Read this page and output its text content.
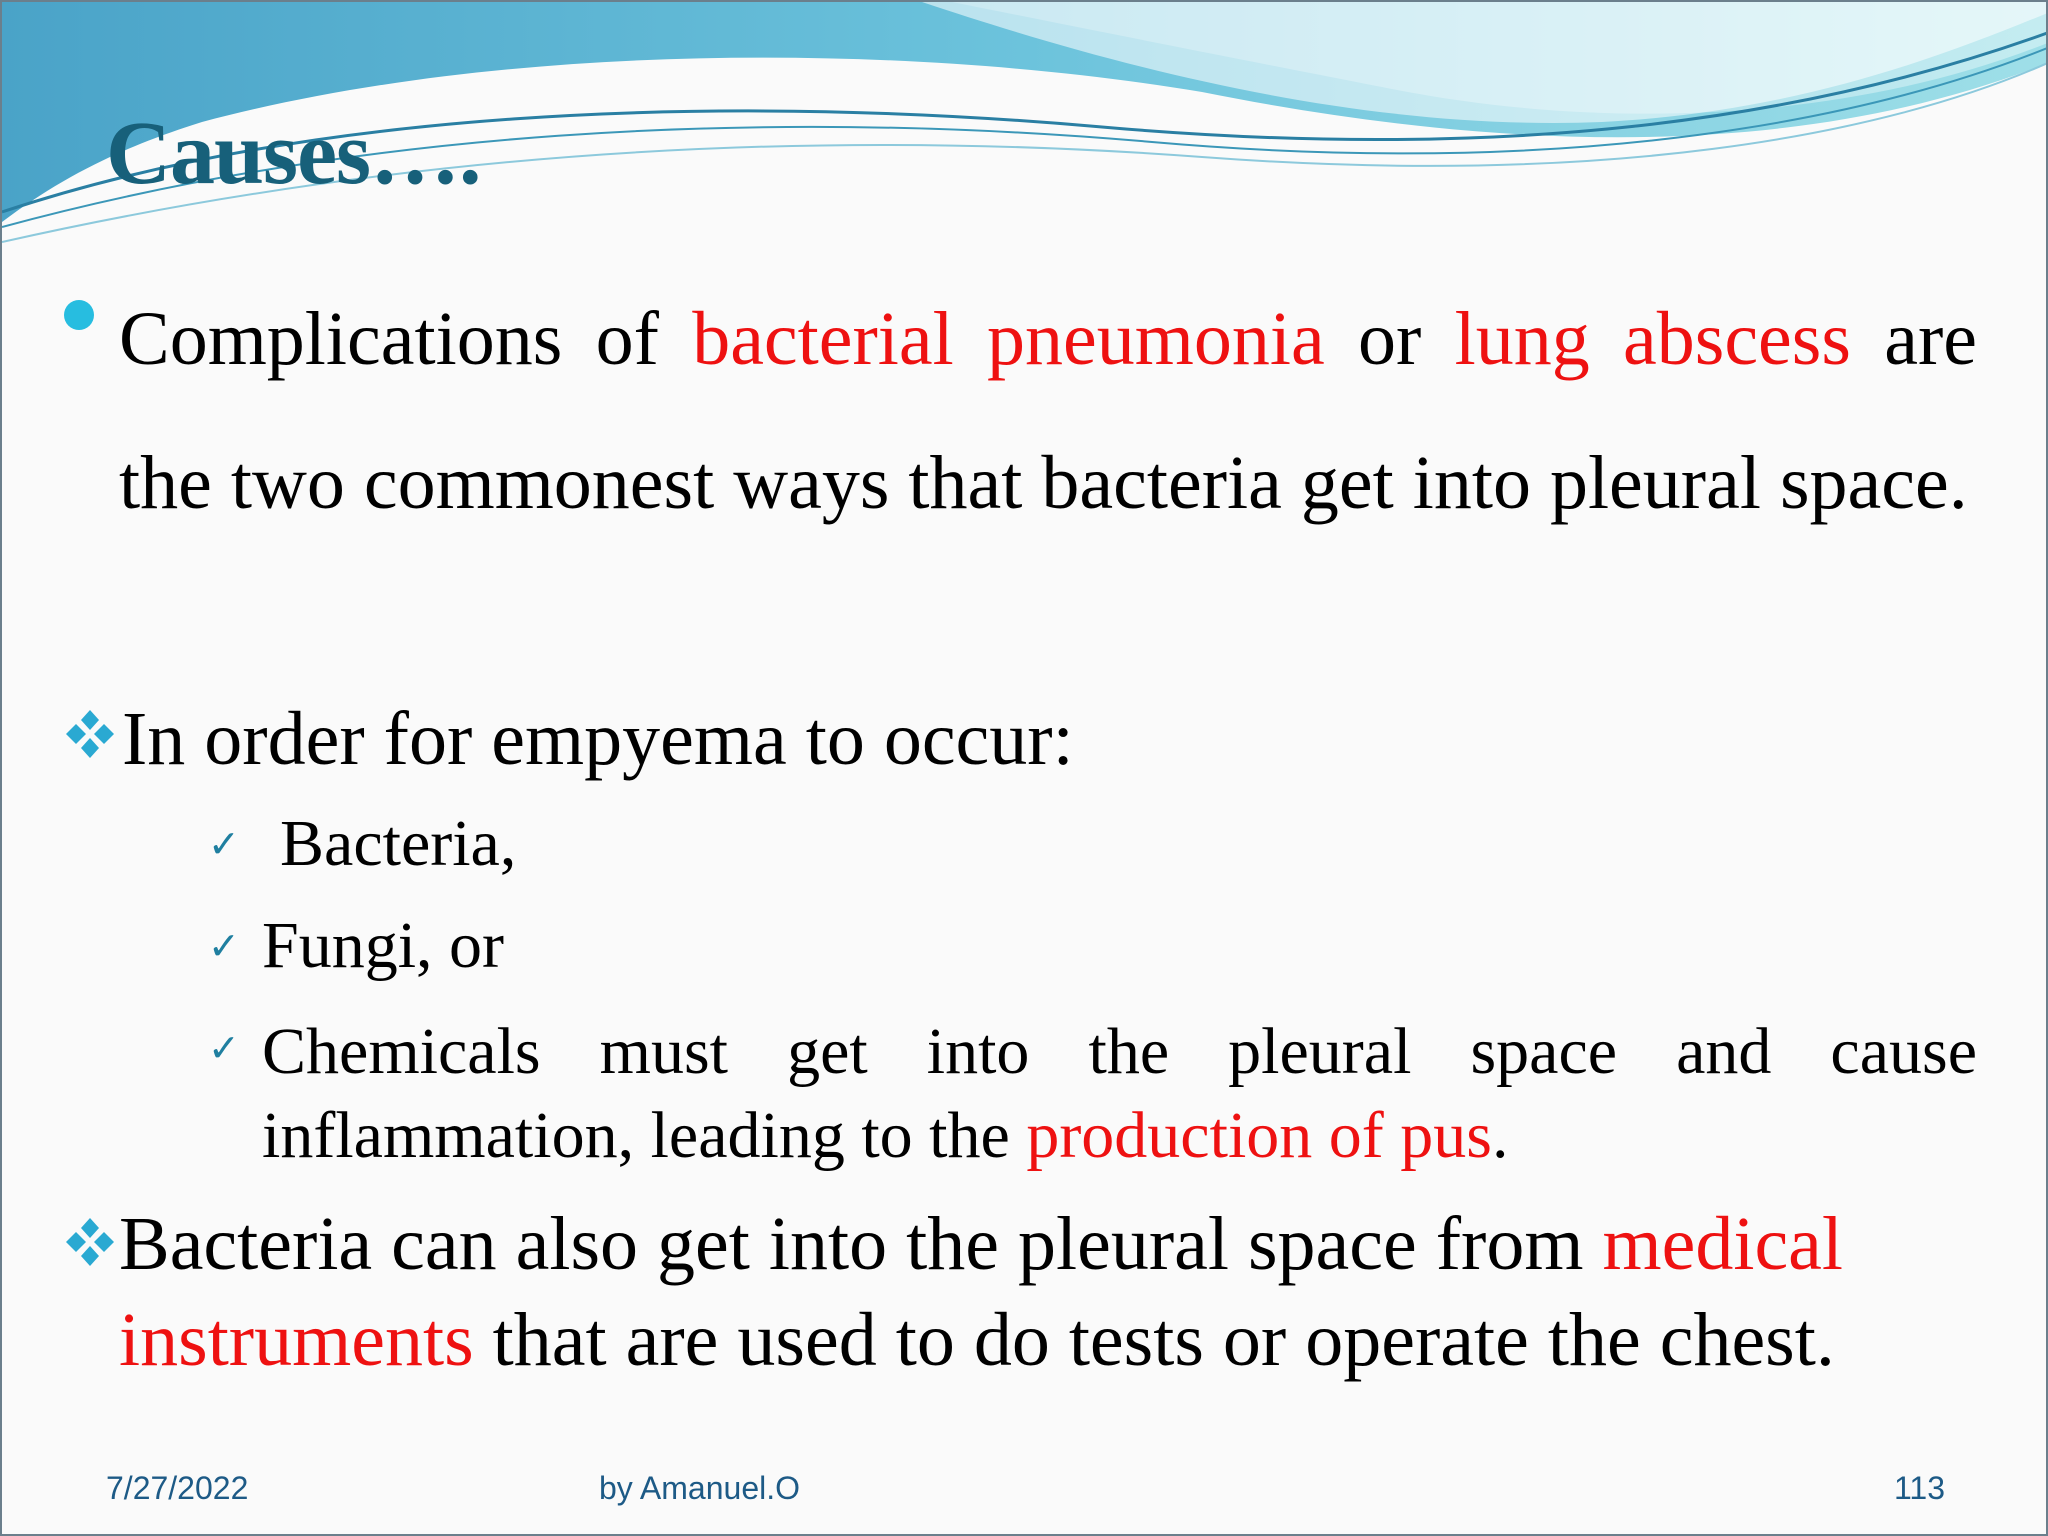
Causes….

Complications of bacterial pneumonia or lung abscess are the two commonest ways that bacteria get into pleural space.

In order for empyema to occur:

✓ Bacteria,

✓ Fungi, or

✓ Chemicals must get into the pleural space and cause inflammation, leading to the production of pus.

Bacteria can also get into the pleural space from medical instruments that are used to do tests or operate the chest.

7/27/2022	by Amanuel.O	113
